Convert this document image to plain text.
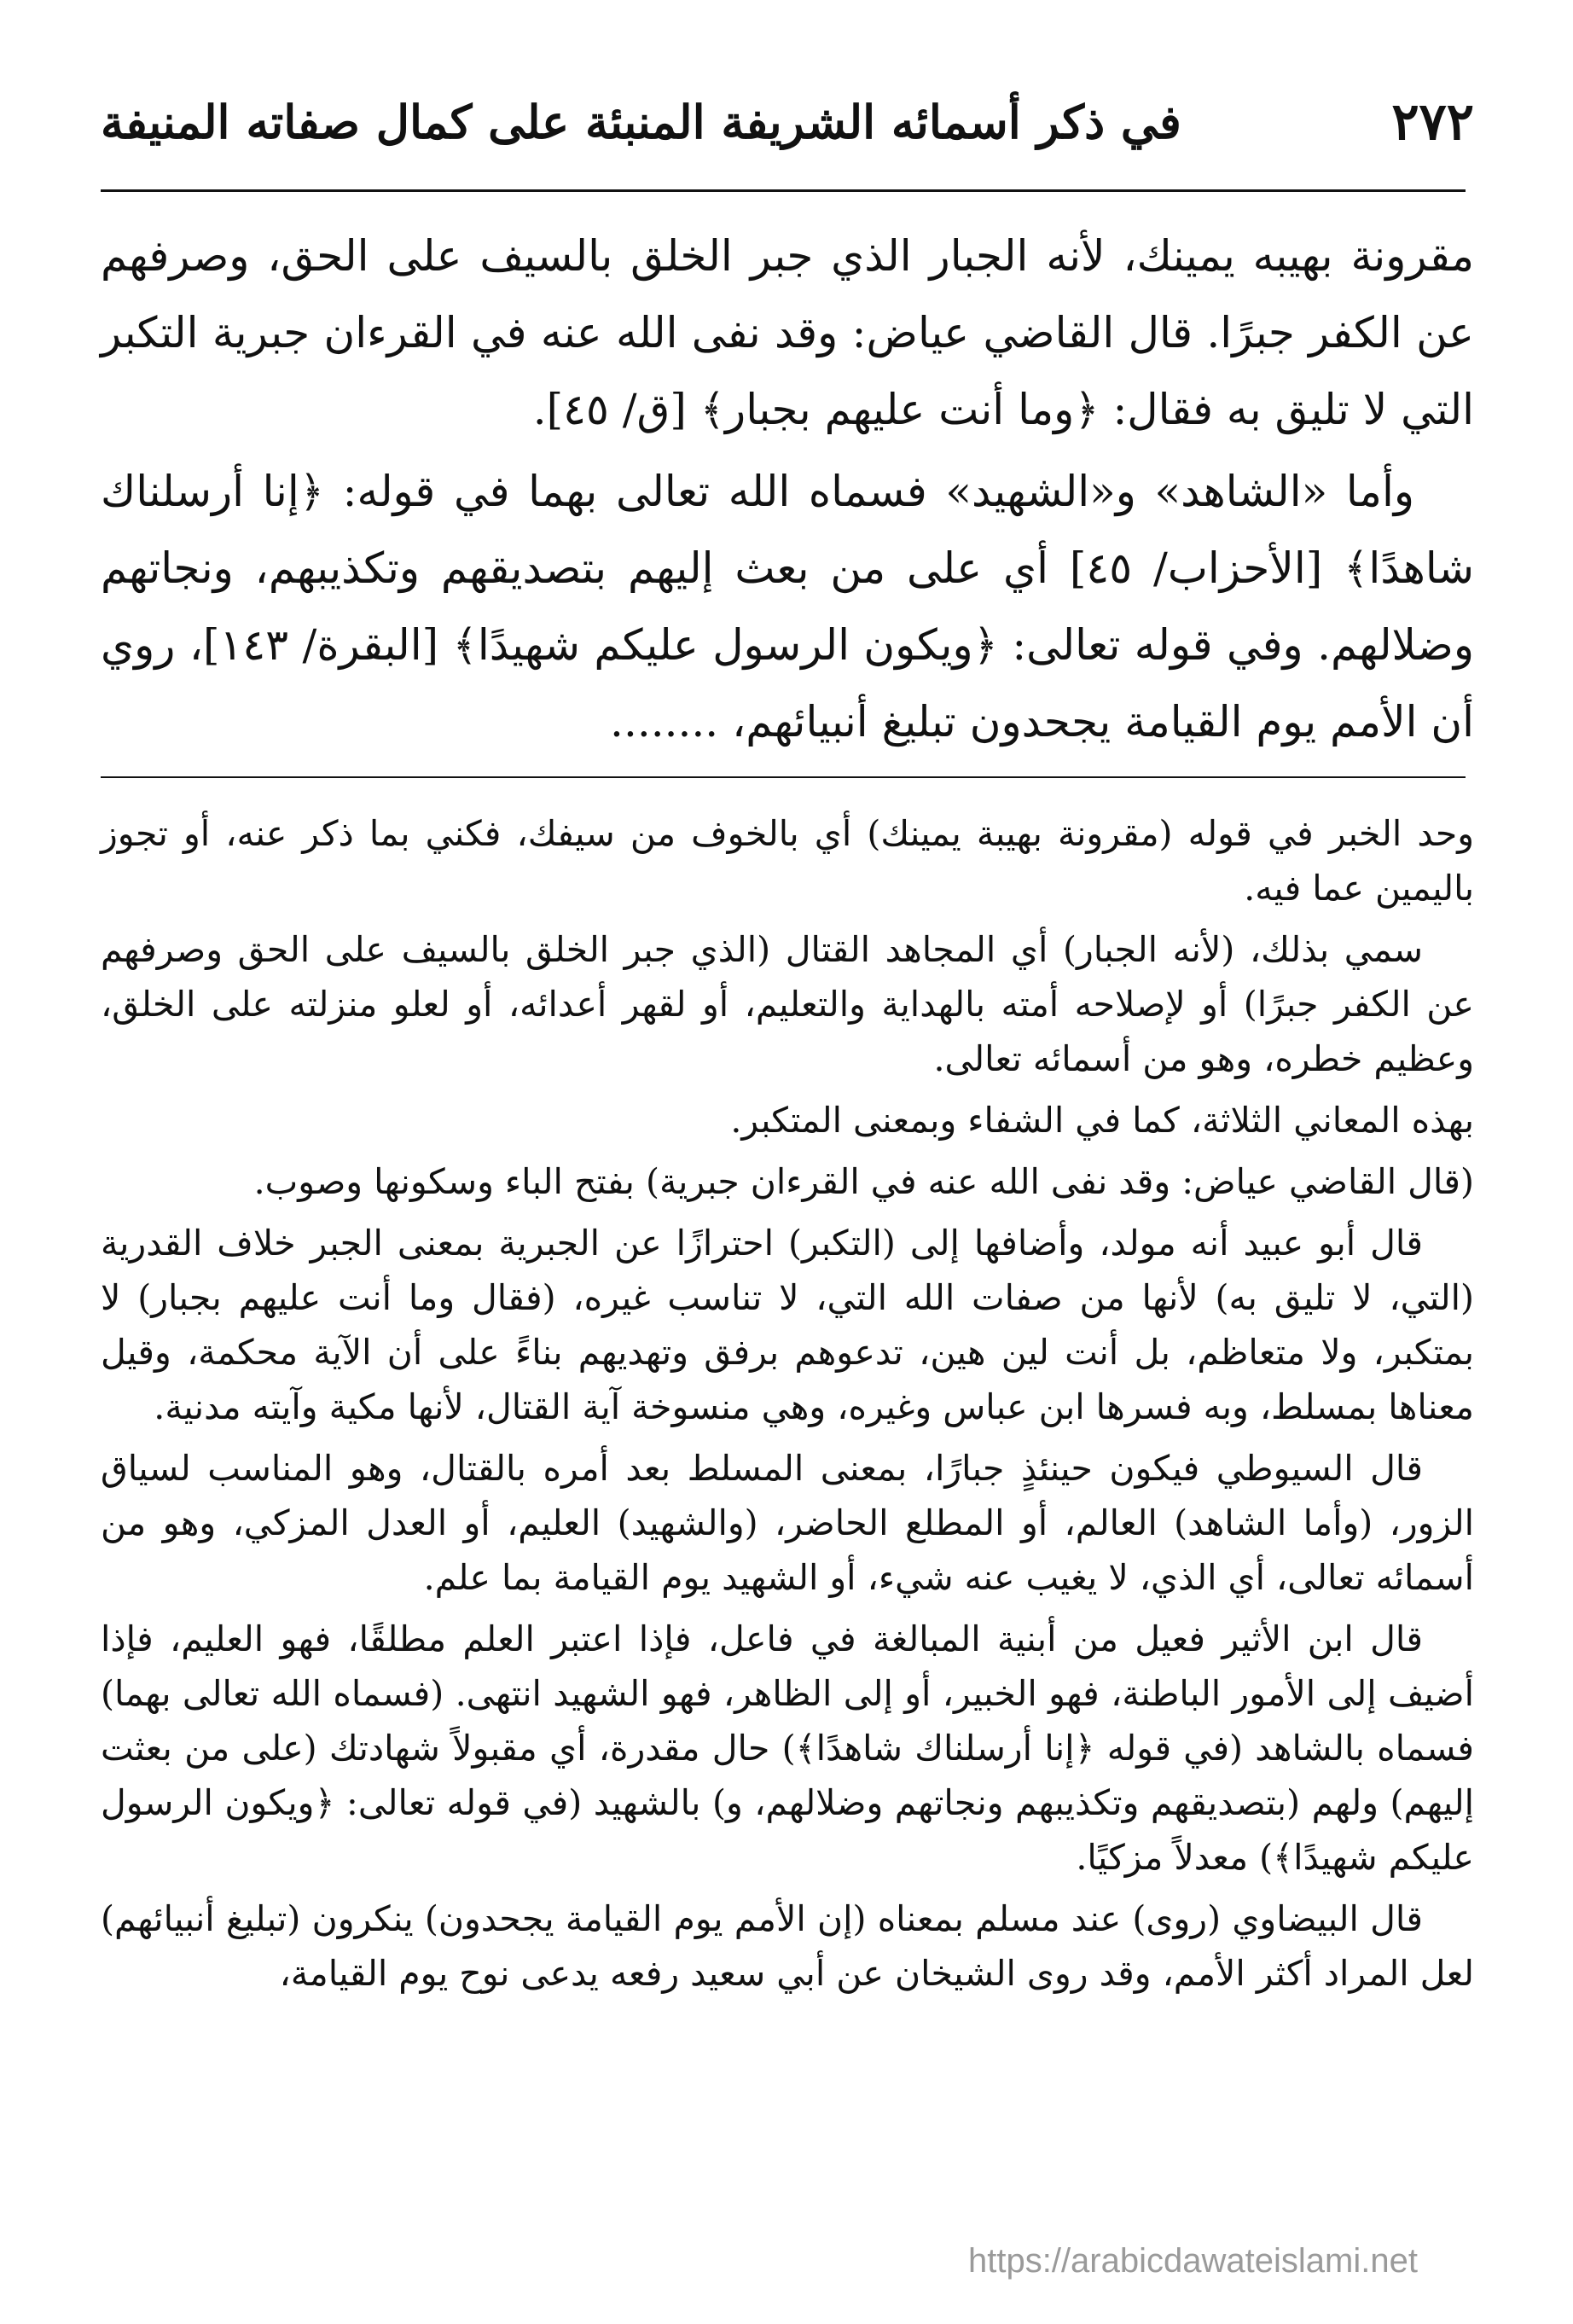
٢٧٢
في ذكر أسمائه الشريفة المنبئة على كمال صفاته المنيفة

مقرونة بهيبه يمينك، لأنه الجبار الذي جبر الخلق بالسيف على الحق، وصرفهم عن الكفر جبرًا. قال القاضي عياض: وقد نفى الله عنه في القرءان جبرية التكبر التي لا تليق به فقال: ﴿وما أنت عليهم بجبار﴾ [ق/ ٤٥].

وأما «الشاهد» و«الشهيد» فسماه الله تعالى بهما في قوله: ﴿إنا أرسلناك شاهدًا﴾ [الأحزاب/ ٤٥] أي على من بعث إليهم بتصديقهم وتكذيبهم، ونجاتهم وضلالهم. وفي قوله تعالى: ﴿ويكون الرسول عليكم شهيدًا﴾ [البقرة/ ١٤٣]، روي أن الأمم يوم القيامة يجحدون تبليغ أنبيائهم، ........

وحد الخبر في قوله (مقرونة بهيبة يمينك) أي بالخوف من سيفك، فكني بما ذكر عنه، أو تجوز باليمين عما فيه.

سمي بذلك، (لأنه الجبار) أي المجاهد القتال (الذي جبر الخلق بالسيف على الحق وصرفهم عن الكفر جبرًا) أو لإصلاحه أمته بالهداية والتعليم، أو لقهر أعدائه، أو لعلو منزلته على الخلق، وعظيم خطره، وهو من أسمائه تعالى.

بهذه المعاني الثلاثة، كما في الشفاء وبمعنى المتكبر.

(قال القاضي عياض: وقد نفى الله عنه في القرءان جبرية) بفتح الباء وسكونها وصوب.

قال أبو عبيد أنه مولد، وأضافها إلى (التكبر) احترازًا عن الجبرية بمعنى الجبر خلاف القدرية (التي، لا تليق به) لأنها من صفات الله التي، لا تناسب غيره، (فقال وما أنت عليهم بجبار) لا بمتكبر، ولا متعاظم، بل أنت لين هين، تدعوهم برفق وتهديهم بناءً على أن الآية محكمة، وقيل معناها بمسلط، وبه فسرها ابن عباس وغيره، وهي منسوخة آية القتال، لأنها مكية وآيته مدنية.

قال السيوطي فيكون حينئذٍ جبارًا، بمعنى المسلط بعد أمره بالقتال، وهو المناسب لسياق الزور، (وأما الشاهد) العالم، أو المطلع الحاضر، (والشهيد) العليم، أو العدل المزكي، وهو من أسمائه تعالى، أي الذي، لا يغيب عنه شيء، أو الشهيد يوم القيامة بما علم.

قال ابن الأثير فعيل من أبنية المبالغة في فاعل، فإذا اعتبر العلم مطلقًا، فهو العليم، فإذا أضيف إلى الأمور الباطنة، فهو الخبير، أو إلى الظاهر، فهو الشهيد انتهى. (فسماه الله تعالى بهما) فسماه بالشاهد (في قوله ﴿إنا أرسلناك شاهدًا﴾) حال مقدرة، أي مقبولاً شهادتك (على من بعثت إليهم) ولهم (بتصديقهم وتكذيبهم ونجاتهم وضلالهم، و) بالشهيد (في قوله تعالى: ﴿ويكون الرسول عليكم شهيدًا﴾) معدلاً مزكيًا.

قال البيضاوي (روى) عند مسلم بمعناه (إن الأمم يوم القيامة يجحدون) ينكرون (تبليغ أنبيائهم) لعل المراد أكثر الأمم، وقد روى الشيخان عن أبي سعيد رفعه يدعى نوح يوم القيامة،

https://arabicdawateislami.net
